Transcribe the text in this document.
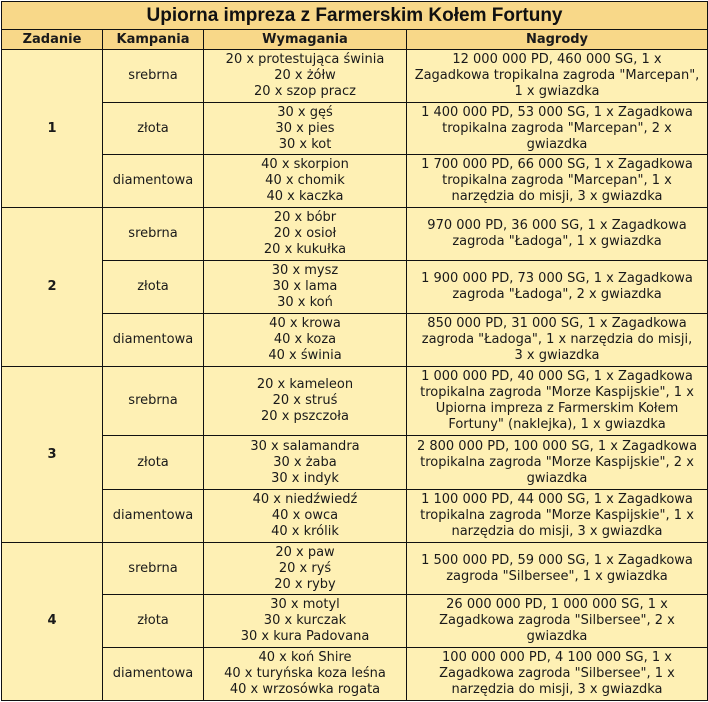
Upiorna impreza z Farmerskim Kołem Fortuny			
Zadanie	Kampania	Wymagania	Nagrody
1	srebrna	20 x protestująca świnia
20 x żółw
20 x szop pracz	12 000 000 PD, 460 000 SG, 1 x
Zagadkowa tropikalna zagroda "Marcepan",
1 x gwiazdka

	złota	30 x gęś
30 x pies
30 x kot	1 400 000 PD, 53 000 SG, 1 x Zagadkowa
tropikalna zagroda "Marcepan", 2 x
gwiazdka

	diamentowa	40 x skorpion
40 x chomik
40 x kaczka	1 700 000 PD, 66 000 SG, 1 x Zagadkowa
tropikalna zagroda "Marcepan", 1 x
narzędzia do misji, 3 x gwiazdka

2	srebrna	20 x bóbr
20 x osioł
20 x kukułka	970 000 PD, 36 000 SG, 1 x Zagadkowa
zagroda "Ładoga", 1 x gwiazdka

	złota	30 x mysz
30 x lama
30 x koń	1 900 000 PD, 73 000 SG, 1 x Zagadkowa
zagroda "Ładoga", 2 x gwiazdka

	diamentowa	40 x krowa
40 x koza
40 x świnia	850 000 PD, 31 000 SG, 1 x Zagadkowa
zagroda "Ładoga", 1 x narzędzia do misji,
3 x gwiazdka

3	srebrna	20 x kameleon
20 x struś
20 x pszczoła	1 000 000 PD, 40 000 SG, 1 x Zagadkowa
tropikalna zagroda "Morze Kaspijskie", 1 x
Upiorna impreza z Farmerskim Kołem
Fortuny" (naklejka), 1 x gwiazdka

	złota	30 x salamandra
30 x żaba
30 x indyk	2 800 000 PD, 100 000 SG, 1 x Zagadkowa
tropikalna zagroda "Morze Kaspijskie", 2 x
gwiazdka

	diamentowa	40 x niedźwiedź
40 x owca
40 x królik	1 100 000 PD, 44 000 SG, 1 x Zagadkowa
tropikalna zagroda "Morze Kaspijskie", 1 x
narzędzia do misji, 3 x gwiazdka

4	srebrna	20 x paw
20 x ryś
20 x ryby	1 500 000 PD, 59 000 SG, 1 x Zagadkowa
zagroda "Silbersee", 1 x gwiazdka

	złota	30 x motyl
30 x kurczak
30 x kura Padovana	26 000 000 PD, 1 000 000 SG, 1 x
Zagadkowa zagroda "Silbersee", 2 x
gwiazdka

	diamentowa	40 x koń Shire
40 x turyńska koza leśna
40 x wrzosówka rogata	100 000 000 PD, 4 100 000 SG, 1 x
Zagadkowa zagroda "Silbersee", 1 x
narzędzia do misji, 3 x gwiazdka
